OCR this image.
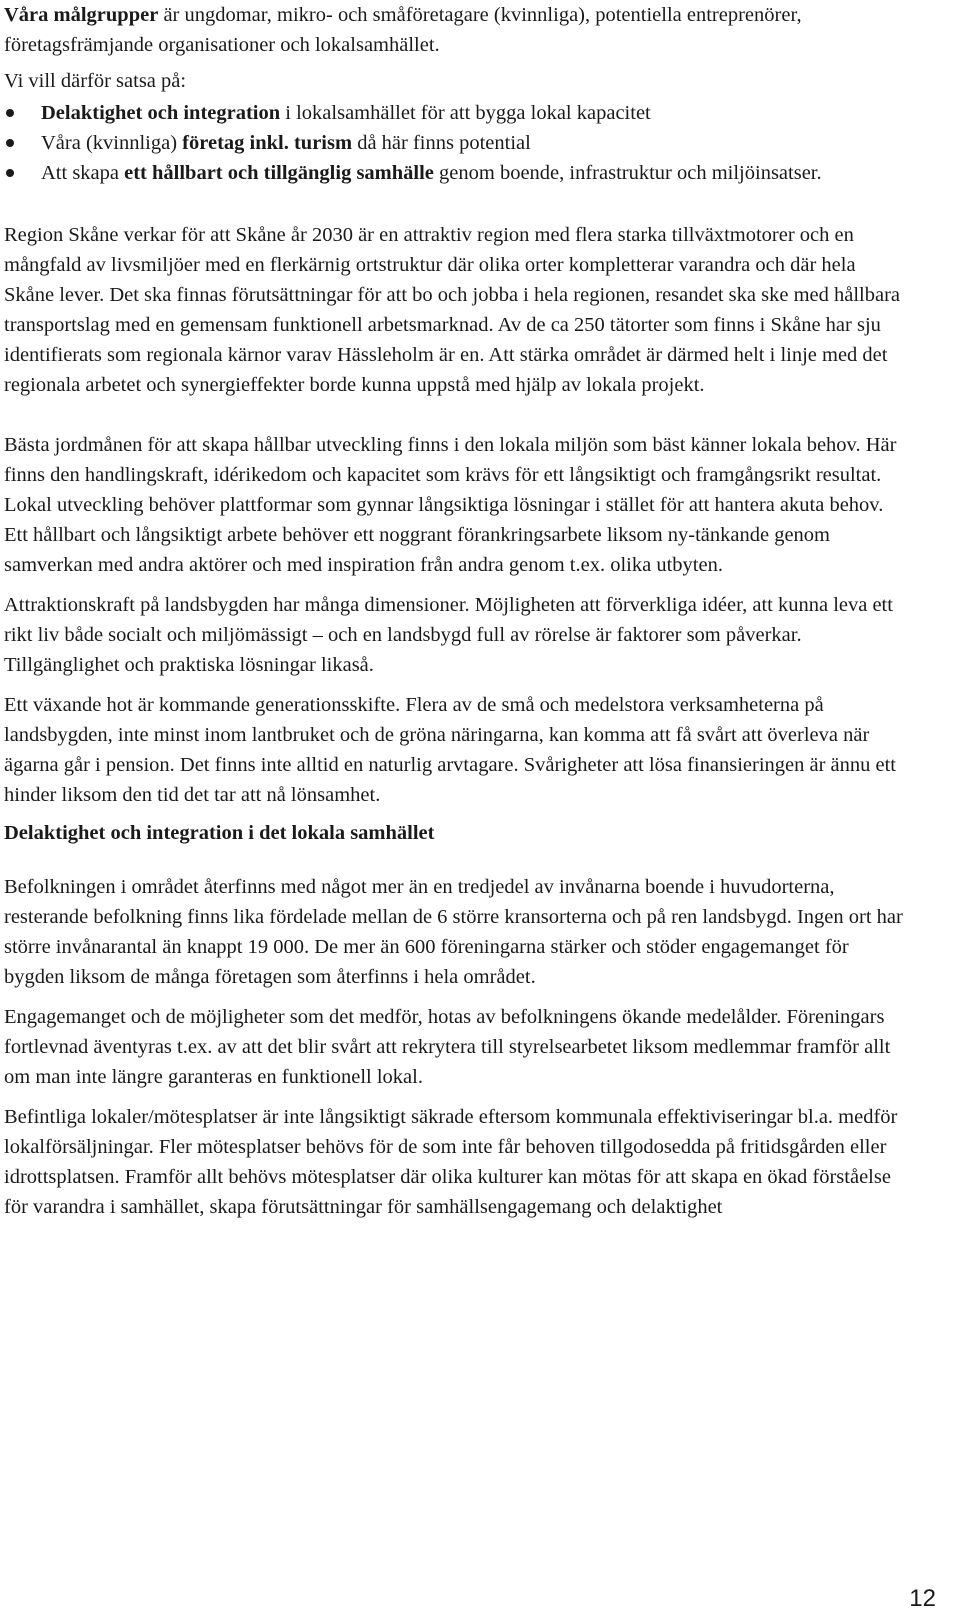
Våra målgrupper är ungdomar, mikro- och småföretagare (kvinnliga), potentiella entreprenörer, företagsfrämjande organisationer och lokalsamhället.

Vi vill därför satsa på:

Delaktighet och integration i lokalsamhället för att bygga lokal kapacitet
Våra (kvinnliga) företag inkl. turism då här finns potential
Att skapa ett hållbart och tillgänglig samhälle genom boende, infrastruktur och miljöinsatser.

Region Skåne verkar för att Skåne år 2030 är en attraktiv region med flera starka tillväxtmotorer och en mångfald av livsmiljöer med en flerkärnig ortstruktur där olika orter kompletterar varandra och där hela Skåne lever. Det ska finnas förutsättningar för att bo och jobba i hela regionen, resandet ska ske med hållbara transportslag med en gemensam funktionell arbetsmarknad. Av de ca 250 tätorter som finns i Skåne har sju identifierats som regionala kärnor varav Hässleholm är en. Att stärka området är därmed helt i linje med det regionala arbetet och synergieffekter borde kunna uppstå med hjälp av lokala projekt.

Bästa jordmånen för att skapa hållbar utveckling finns i den lokala miljön som bäst känner lokala behov. Här finns den handlingskraft, idérikedom och kapacitet som krävs för ett långsiktigt och framgångsrikt resultat. Lokal utveckling behöver plattformar som gynnar långsiktiga lösningar i stället för att hantera akuta behov. Ett hållbart och långsiktigt arbete behöver ett noggrant förankringsarbete liksom ny-tänkande genom samverkan med andra aktörer och med inspiration från andra genom t.ex. olika utbyten.

Attraktionskraft på landsbygden har många dimensioner. Möjligheten att förverkliga idéer, att kunna leva ett rikt liv både socialt och miljömässigt – och en landsbygd full av rörelse är faktorer som påverkar. Tillgänglighet och praktiska lösningar likaså.

Ett växande hot är kommande generationsskifte. Flera av de små och medelstora verksamheterna på landsbygden, inte minst inom lantbruket och de gröna näringarna, kan komma att få svårt att överleva när ägarna går i pension. Det finns inte alltid en naturlig arvtagare. Svårigheter att lösa finansieringen är ännu ett hinder liksom den tid det tar att nå lönsamhet.

Delaktighet och integration i det lokala samhället

Befolkningen i området återfinns med något mer än en tredjedel av invånarna boende i huvudorterna, resterande befolkning finns lika fördelade mellan de 6 större kransorterna och på ren landsbygd. Ingen ort har större invånarantal än knappt 19 000. De mer än 600 föreningarna stärker och stöder engagemanget för bygden liksom de många företagen som återfinns i hela området.

Engagemanget och de möjligheter som det medför, hotas av befolkningens ökande medelålder. Föreningars fortlevnad äventyras t.ex. av att det blir svårt att rekrytera till styrelsearbetet liksom medlemmar framför allt om man inte längre garanteras en funktionell lokal.

Befintliga lokaler/mötesplatser är inte långsiktigt säkrade eftersom kommunala effektiviseringar bl.a. medför lokalförsäljningar. Fler mötesplatser behövs för de som inte får behoven tillgodosedda på fritidsgården eller idrottsplatsen. Framför allt behövs mötesplatser där olika kulturer kan mötas för att skapa en ökad förståelse för varandra i samhället, skapa förutsättningar för samhällsengagemang och delaktighet

12
